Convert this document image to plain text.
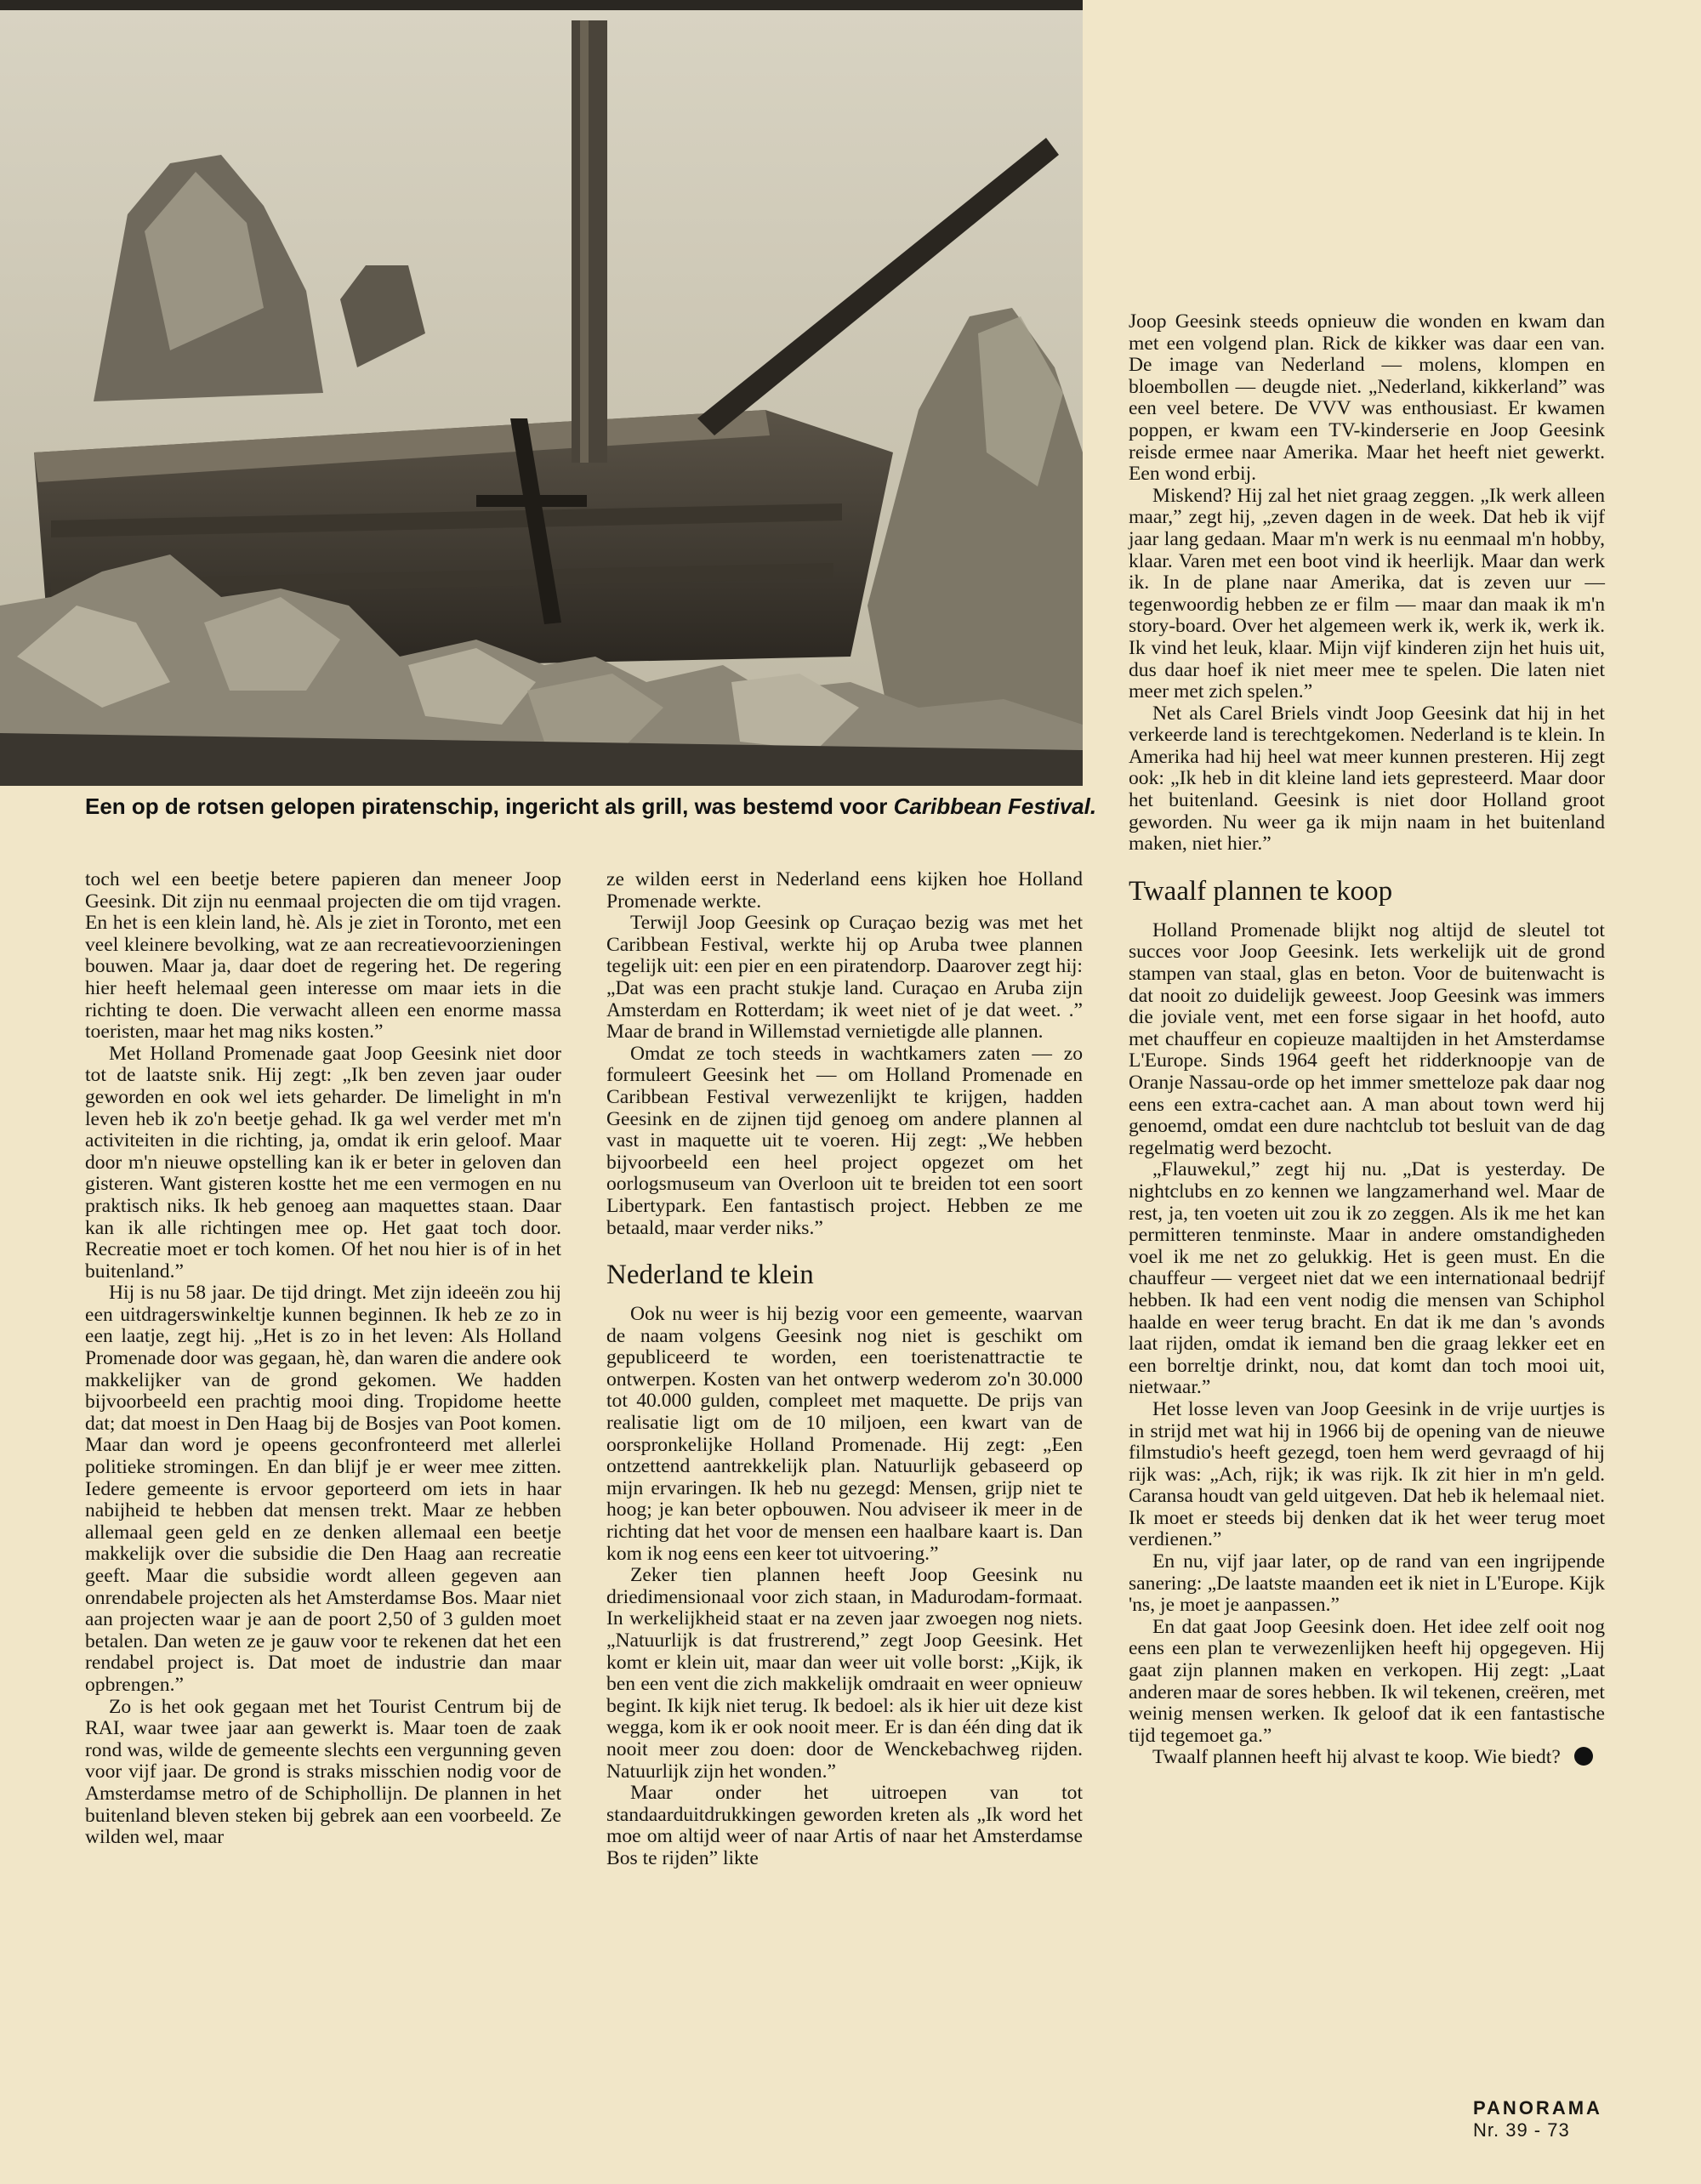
Een op de rotsen gelopen piratenschip, ingericht als grill, was bestemd voor Caribbean Festival.

toch wel een beetje betere papieren dan meneer Joop Geesink. Dit zijn nu eenmaal projecten die om tijd vragen. En het is een klein land, hè. Als je ziet in Toronto, met een veel kleinere bevolking, wat ze aan recreatievoorzieningen bouwen. Maar ja, daar doet de regering het. De regering hier heeft helemaal geen interesse om maar iets in die richting te doen. Die verwacht alleen een enorme massa toeristen, maar het mag niks kosten.”

Met Holland Promenade gaat Joop Geesink niet door tot de laatste snik. Hij zegt: „Ik ben zeven jaar ouder geworden en ook wel iets geharder. De limelight in m'n leven heb ik zo'n beetje gehad. Ik ga wel verder met m'n activiteiten in die richting, ja, omdat ik erin geloof. Maar door m'n nieuwe opstelling kan ik er beter in geloven dan gisteren. Want gisteren kostte het me een vermogen en nu praktisch niks. Ik heb genoeg aan maquettes staan. Daar kan ik alle richtingen mee op. Het gaat toch door. Recreatie moet er toch komen. Of het nou hier is of in het buitenland.”

Hij is nu 58 jaar. De tijd dringt. Met zijn ideeën zou hij een uitdragerswinkeltje kunnen beginnen. Ik heb ze zo in een laatje, zegt hij. „Het is zo in het leven: Als Holland Promenade door was gegaan, hè, dan waren die andere ook makkelijker van de grond gekomen. We hadden bijvoorbeeld een prachtig mooi ding. Tropidome heette dat; dat moest in Den Haag bij de Bosjes van Poot komen. Maar dan word je opeens geconfronteerd met allerlei politieke stromingen. En dan blijf je er weer mee zitten. Iedere gemeente is ervoor geporteerd om iets in haar nabijheid te hebben dat mensen trekt. Maar ze hebben allemaal geen geld en ze denken allemaal een beetje makkelijk over die subsidie die Den Haag aan recreatie geeft. Maar die subsidie wordt alleen gegeven aan onrendabele projecten als het Amsterdamse Bos. Maar niet aan projecten waar je aan de poort 2,50 of 3 gulden moet betalen. Dan weten ze je gauw voor te rekenen dat het een rendabel project is. Dat moet de industrie dan maar opbrengen.”

Zo is het ook gegaan met het Tourist Centrum bij de RAI, waar twee jaar aan gewerkt is. Maar toen de zaak rond was, wilde de gemeente slechts een vergunning geven voor vijf jaar. De grond is straks misschien nodig voor de Amsterdamse metro of de Schiphollijn. De plannen in het buitenland bleven steken bij gebrek aan een voorbeeld. Ze wilden wel, maar

ze wilden eerst in Nederland eens kijken hoe Holland Promenade werkte.

Terwijl Joop Geesink op Curaçao bezig was met het Caribbean Festival, werkte hij op Aruba twee plannen tegelijk uit: een pier en een piratendorp. Daarover zegt hij: „Dat was een pracht stukje land. Curaçao en Aruba zijn Amsterdam en Rotterdam; ik weet niet of je dat weet. .” Maar de brand in Willemstad vernietigde alle plannen.

Omdat ze toch steeds in wachtkamers zaten — zo formuleert Geesink het — om Holland Promenade en Caribbean Festival verwezenlijkt te krijgen, hadden Geesink en de zijnen tijd genoeg om andere plannen al vast in maquette uit te voeren. Hij zegt: „We hebben bijvoorbeeld een heel project opgezet om het oorlogsmuseum van Overloon uit te breiden tot een soort Libertypark. Een fantastisch project. Hebben ze me betaald, maar verder niks.”

Nederland te klein

Ook nu weer is hij bezig voor een gemeente, waarvan de naam volgens Geesink nog niet is geschikt om gepubliceerd te worden, een toeristenattractie te ontwerpen. Kosten van het ontwerp wederom zo'n 30.000 tot 40.000 gulden, compleet met maquette. De prijs van realisatie ligt om de 10 miljoen, een kwart van de oorspronkelijke Holland Promenade. Hij zegt: „Een ontzettend aantrekkelijk plan. Natuurlijk gebaseerd op mijn ervaringen. Ik heb nu gezegd: Mensen, grijp niet te hoog; je kan beter opbouwen. Nou adviseer ik meer in de richting dat het voor de mensen een haalbare kaart is. Dan kom ik nog eens een keer tot uitvoering.”

Zeker tien plannen heeft Joop Geesink nu driedimensionaal voor zich staan, in Madurodam-formaat. In werkelijkheid staat er na zeven jaar zwoegen nog niets. „Natuurlijk is dat frustrerend,” zegt Joop Geesink. Het komt er klein uit, maar dan weer uit volle borst: „Kijk, ik ben een vent die zich makkelijk omdraait en weer opnieuw begint. Ik kijk niet terug. Ik bedoel: als ik hier uit deze kist wegga, kom ik er ook nooit meer. Er is dan één ding dat ik nooit meer zou doen: door de Wenckebachweg rijden. Natuurlijk zijn het wonden.”

Maar onder het uitroepen van tot standaarduitdrukkingen geworden kreten als „Ik word het moe om altijd weer of naar Artis of naar het Amsterdamse Bos te rijden” likte

Joop Geesink steeds opnieuw die wonden en kwam dan met een volgend plan. Rick de kikker was daar een van. De image van Nederland — molens, klompen en bloembollen — deugde niet. „Nederland, kikkerland” was een veel betere. De VVV was enthousiast. Er kwamen poppen, er kwam een TV-kinderserie en Joop Geesink reisde ermee naar Amerika. Maar het heeft niet gewerkt. Een wond erbij.

Miskend? Hij zal het niet graag zeggen. „Ik werk alleen maar,” zegt hij, „zeven dagen in de week. Dat heb ik vijf jaar lang gedaan. Maar m'n werk is nu eenmaal m'n hobby, klaar. Varen met een boot vind ik heerlijk. Maar dan werk ik. In de plane naar Amerika, dat is zeven uur — tegenwoordig hebben ze er film — maar dan maak ik m'n story-board. Over het algemeen werk ik, werk ik, werk ik. Ik vind het leuk, klaar. Mijn vijf kinderen zijn het huis uit, dus daar hoef ik niet meer mee te spelen. Die laten niet meer met zich spelen.”

Net als Carel Briels vindt Joop Geesink dat hij in het verkeerde land is terechtgekomen. Nederland is te klein. In Amerika had hij heel wat meer kunnen presteren. Hij zegt ook: „Ik heb in dit kleine land iets gepresteerd. Maar door het buitenland. Geesink is niet door Holland groot geworden. Nu weer ga ik mijn naam in het buitenland maken, niet hier.”

Twaalf plannen te koop

Holland Promenade blijkt nog altijd de sleutel tot succes voor Joop Geesink. Iets werkelijk uit de grond stampen van staal, glas en beton. Voor de buitenwacht is dat nooit zo duidelijk geweest. Joop Geesink was immers die joviale vent, met een forse sigaar in het hoofd, auto met chauffeur en copieuze maaltijden in het Amsterdamse L'Europe. Sinds 1964 geeft het ridderknoopje van de Oranje Nassau-orde op het immer smetteloze pak daar nog eens een extra-cachet aan. A man about town werd hij genoemd, omdat een dure nachtclub tot besluit van de dag regelmatig werd bezocht.

„Flauwekul,” zegt hij nu. „Dat is yesterday. De nightclubs en zo kennen we langzamerhand wel. Maar de rest, ja, ten voeten uit zou ik zo zeggen. Als ik me het kan permitteren tenminste. Maar in andere omstandigheden voel ik me net zo gelukkig. Het is geen must. En die chauffeur — vergeet niet dat we een internationaal bedrijf hebben. Ik had een vent nodig die mensen van Schiphol haalde en weer terug bracht. En dat ik me dan 's avonds laat rijden, omdat ik iemand ben die graag lekker eet en een borreltje drinkt, nou, dat komt dan toch mooi uit, nietwaar.”

Het losse leven van Joop Geesink in de vrije uurtjes is in strijd met wat hij in 1966 bij de opening van de nieuwe filmstudio's heeft gezegd, toen hem werd gevraagd of hij rijk was: „Ach, rijk; ik was rijk. Ik zit hier in m'n geld. Caransa houdt van geld uitgeven. Dat heb ik helemaal niet. Ik moet er steeds bij denken dat ik het weer terug moet verdienen.”

En nu, vijf jaar later, op de rand van een ingrijpende sanering: „De laatste maanden eet ik niet in L'Europe. Kijk 'ns, je moet je aanpassen.”

En dat gaat Joop Geesink doen. Het idee zelf ooit nog eens een plan te verwezenlijken heeft hij opgegeven. Hij gaat zijn plannen maken en verkopen. Hij zegt: „Laat anderen maar de sores hebben. Ik wil tekenen, creëren, met weinig mensen werken. Ik geloof dat ik een fantastische tijd tegemoet ga.”

Twaalf plannen heeft hij alvast te koop. Wie biedt?

PANORAMA
Nr. 39 - 73
